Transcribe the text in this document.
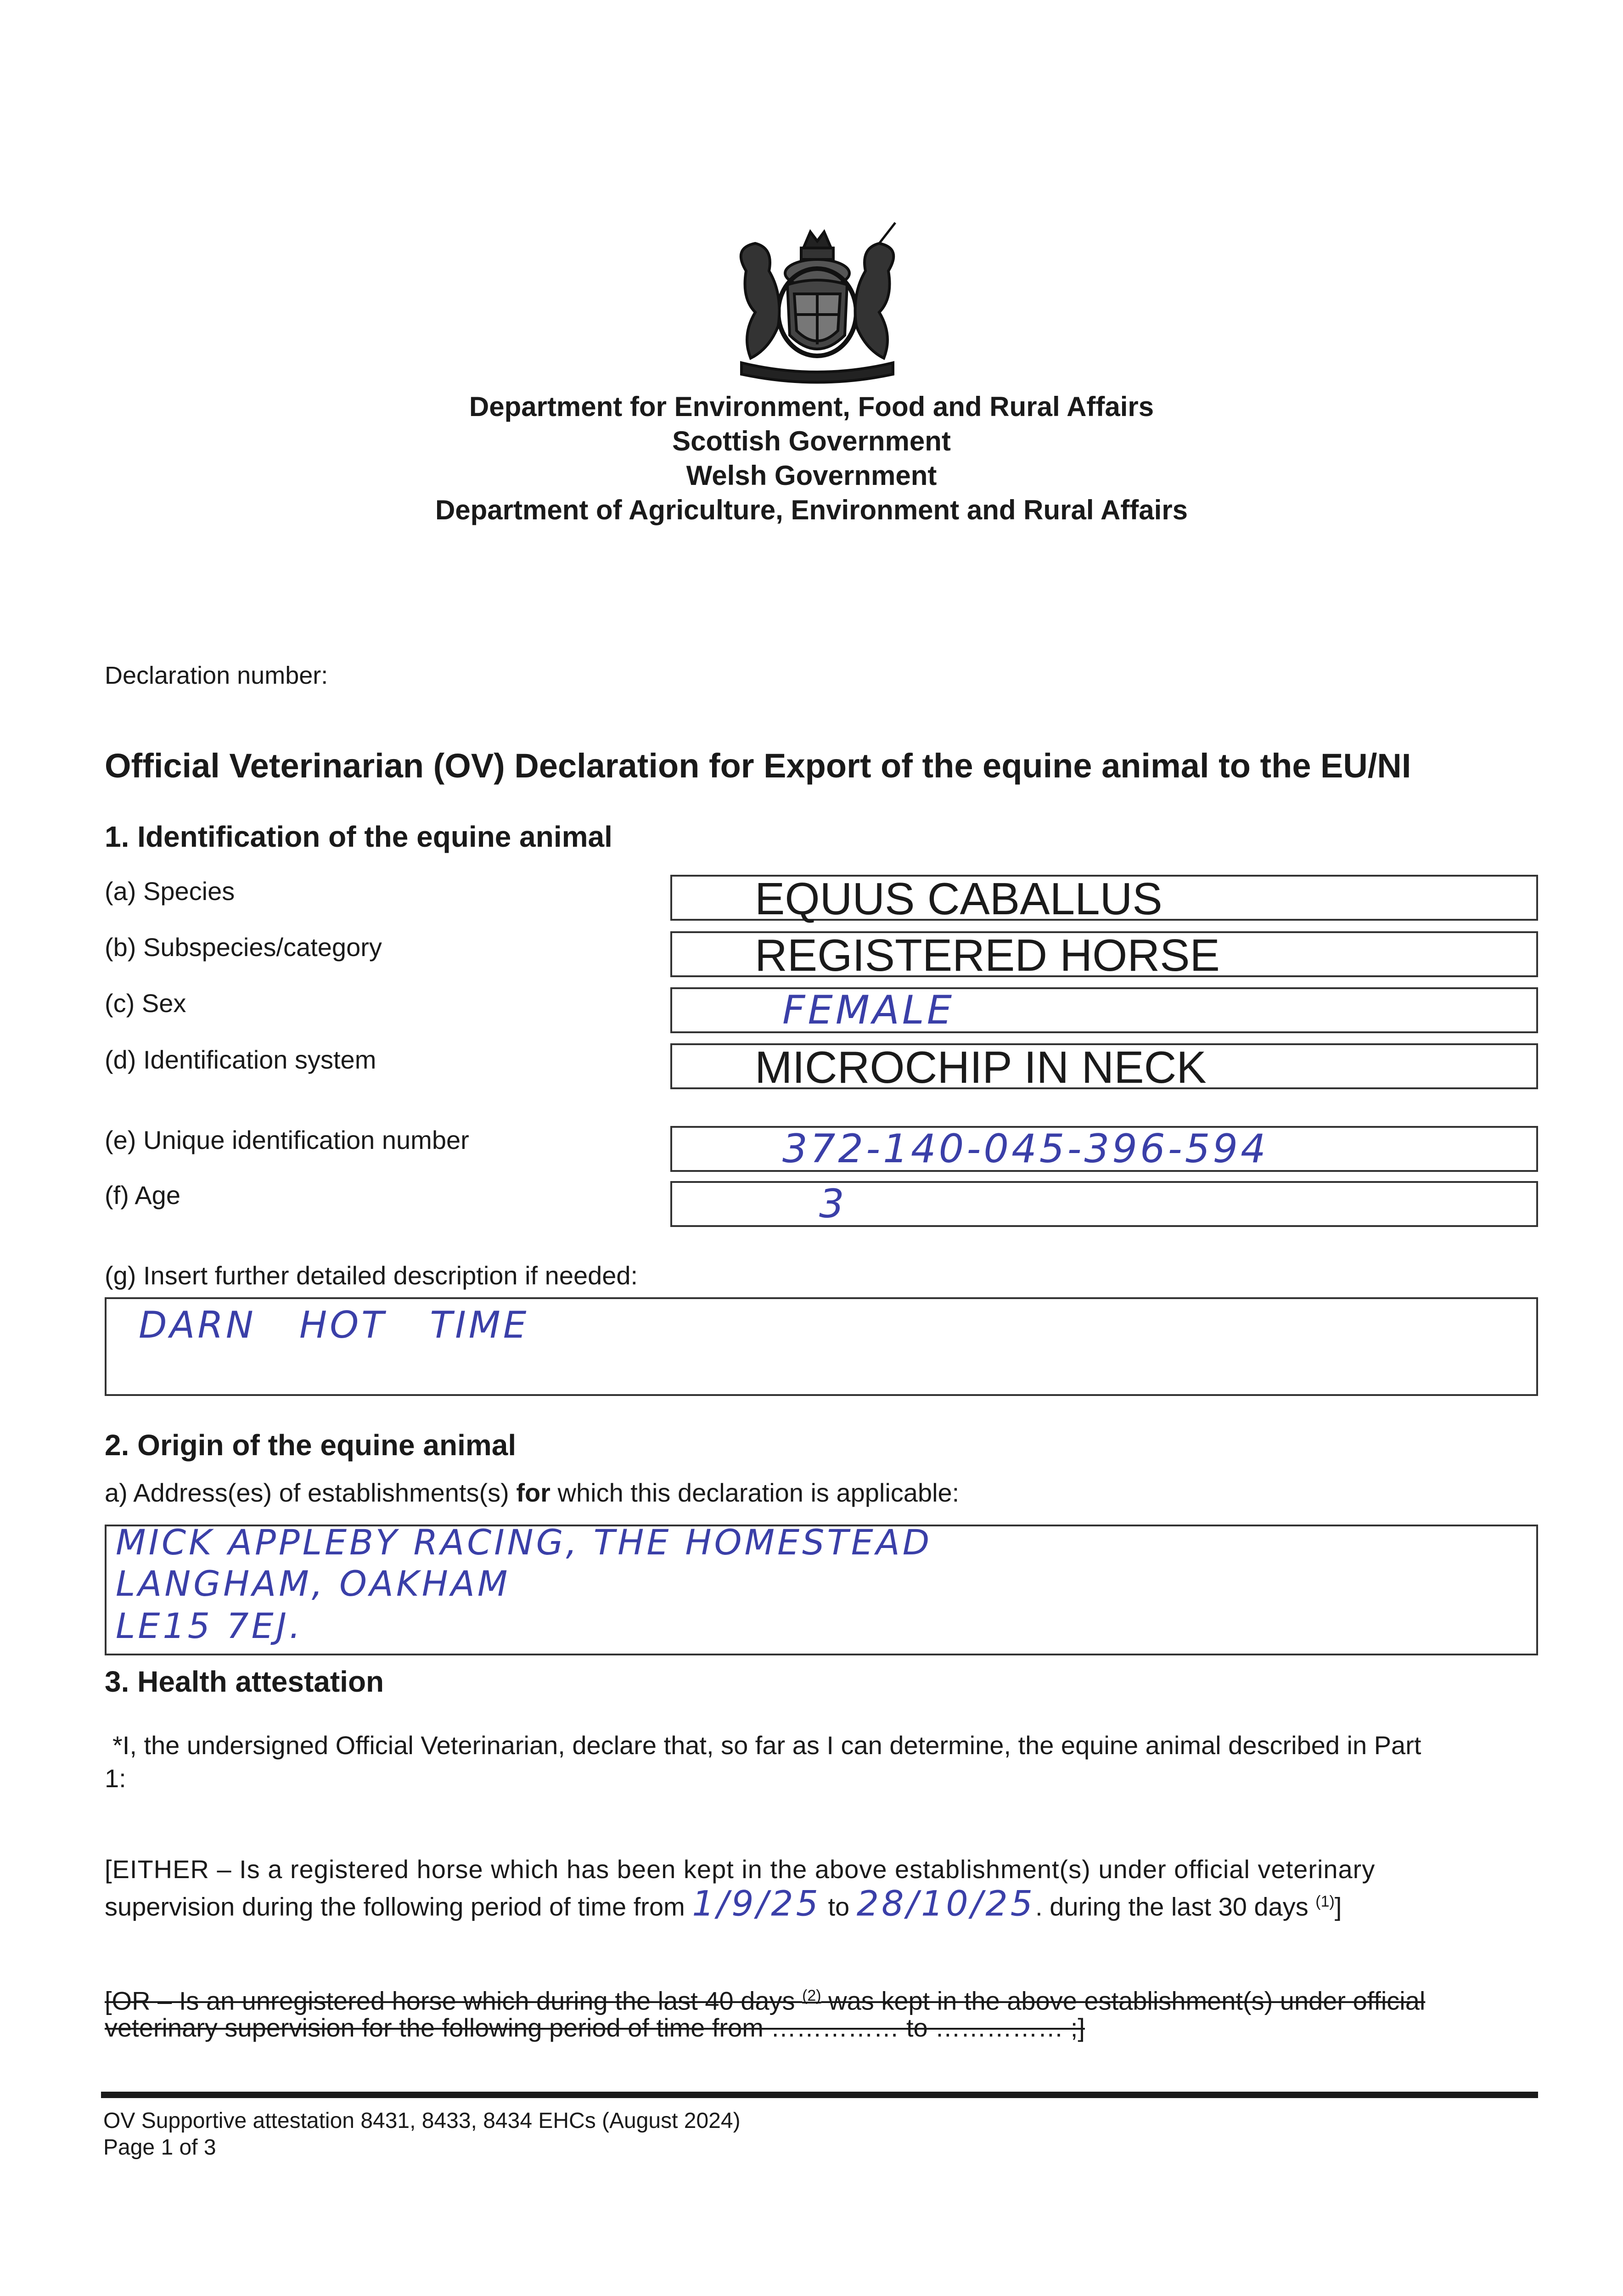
Department for Environment, Food and Rural Affairs
Scottish Government
Welsh Government
Department of Agriculture, Environment and Rural Affairs
Declaration number:
Official Veterinarian (OV) Declaration for Export of the equine animal to the EU/NI
1. Identification of the equine animal
(a) Species	EQUUS CABALLUS
(b) Subspecies/category	REGISTERED HORSE
(c) Sex	FEMALE
(d) Identification system	MICROCHIP IN NECK
(e) Unique identification number	372-140-045-396-594
(f) Age	3
(g) Insert further detailed description if needed:
DARN   HOT   TIME
2. Origin of the equine animal
a) Address(es) of establishments(s) for which this declaration is applicable:
MICK APPLEBY RACING, THE HOMESTEAD
LANGHAM, OAKHAM
LE15 7EJ.
3. Health attestation
*I, the undersigned Official Veterinarian, declare that, so far as I can determine, the equine animal described in Part
1:
[EITHER – Is a registered horse which has been kept in the above establishment(s) under official veterinary
supervision during the following period of time from 1/9/25 to 28/10/25. during the last 30 days $^{(1)}$]
[OR – Is an unregistered horse which during the last 40 days $^{(2)}$ was kept in the above establishment(s) under official
veterinary supervision for the following period of time from …………… to …………… ;]
OV Supportive attestation 8431, 8433, 8434 EHCs (August 2024)
Page 1 of 3
